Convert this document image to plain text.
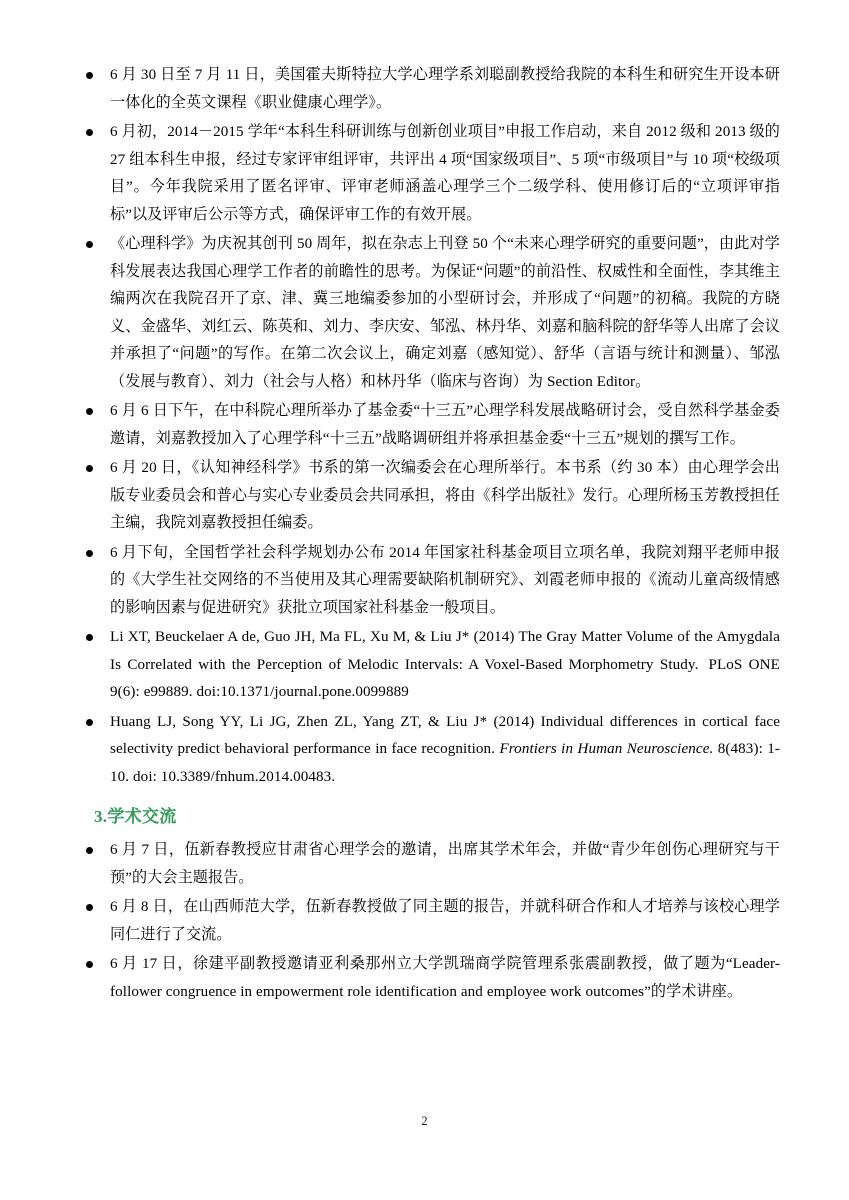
6 月 30 日至 7 月 11 日，美国霍夫斯特拉大学心理学系刘聪副教授给我院的本科生和研究生开设本研一体化的全英文课程《职业健康心理学》。
6 月初，2014－2015 学年“本科生科研训练与创新创业项目”申报工作启动，来自 2012 级和 2013 级的 27 组本科生申报，经过专家评审组评审，共评出 4 项“国家级项目”、5 项“市级项目”与 10 项“校级项目”。今年我院采用了匿名评审、评审老师涵盖心理学三个二级学科、使用修订后的“立项评审指标”以及评审后公示等方式，确保评审工作的有效开展。
《心理科学》为庆祝其创刊 50 周年，拟在杂志上刊登 50 个“未来心理学研究的重要问题”，由此对学科发展表达我国心理学工作者的前瞻性的思考。为保证“问题”的前沿性、权威性和全面性，李其维主编两次在我院召开了京、津、冀三地编委参加的小型研讨会，并形成了“问题”的初稿。我院的方晓义、金盛华、刘红云、陈英和、刘力、李庆安、邹泓、林丹华、刘嘉和脑科院的舒华等人出席了会议并承担了“问题”的写作。在第二次会议上，确定刘嘉（感知觉）、舒华（言语与统计和测量）、邹泓（发展与教育）、刘力（社会与人格）和林丹华（临床与咨询）为 Section Editor。
6 月 6 日下午，在中科院心理所举办了基金委“十三五”心理学科发展战略研讨会，受自然科学基金委邀请，刘嘉教授加入了心理学科“十三五”战略调研组并将承担基金委“十三五”规划的撰写工作。
6 月 20 日，《认知神经科学》书系的第一次编委会在心理所举行。本书系（约 30 本）由心理学会出版专业委员会和普心与实心专业委员会共同承担，将由《科学出版社》发行。心理所杨玉芳教授担任主编，我院刘嘉教授担任编委。
6 月下旬，全国哲学社会科学规划办公布 2014 年国家社科基金项目立项名单，我院刘翔平老师申报的《大学生社交网络的不当使用及其心理需要缺陷机制研究》、刘霞老师申报的《流动儿童高级情感的影响因素与促进研究》获批立项国家社科基金一般项目。
Li XT, Beuckelaer A de, Guo JH, Ma FL, Xu M, & Liu J* (2014) The Gray Matter Volume of the Amygdala Is Correlated with the Perception of Melodic Intervals: A Voxel-Based Morphometry Study. PLoS ONE 9(6): e99889. doi:10.1371/journal.pone.0099889
Huang LJ, Song YY, Li JG, Zhen ZL, Yang ZT, & Liu J* (2014) Individual differences in cortical face selectivity predict behavioral performance in face recognition. Frontiers in Human Neuroscience. 8(483): 1-10. doi: 10.3389/fnhum.2014.00483.
3.学术交流
6 月 7 日，伍新春教授应甘肃省心理学会的邀请，出席其学术年会，并做“青少年创伤心理研究与干预”的大会主题报告。
6 月 8 日，在山西师范大学，伍新春教授做了同主题的报告，并就科研合作和人才培养与该校心理学同仁进行了交流。
6 月 17 日，徐建平副教授邀请亚利桑那州立大学凯瑞商学院管理系张震副教授，做了题为“Leader-follower congruence in empowerment role identification and employee work outcomes”的学术讲座。
2
